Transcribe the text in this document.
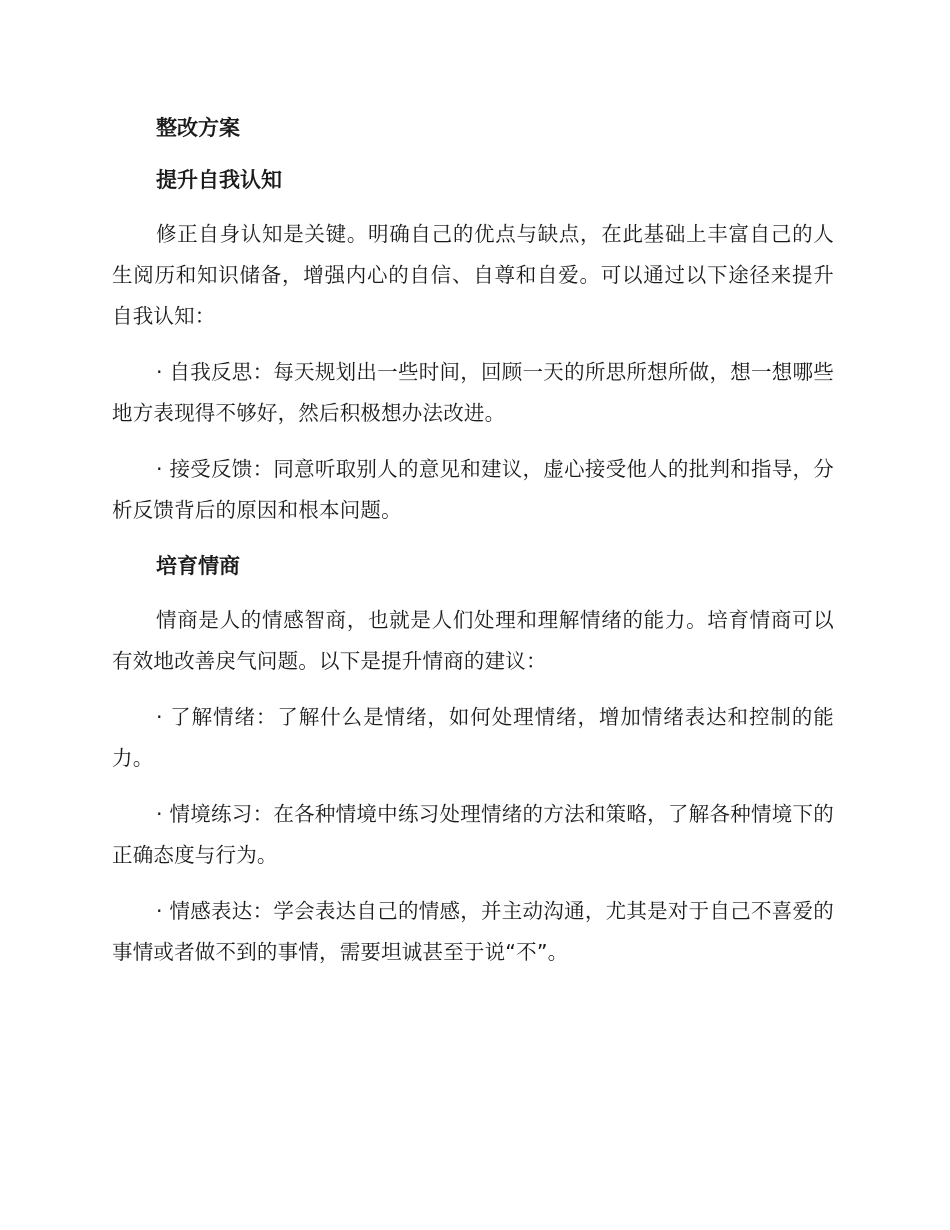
整改方案
提升自我认知

修正自身认知是关键。明确自己的优点与缺点，在此基础上丰富自己的人生阅历和知识储备，增强内心的自信、自尊和自爱。可以通过以下途径来提升自我认知：

· 自我反思：每天规划出一些时间，回顾一天的所思所想所做，想一想哪些地方表现得不够好，然后积极想办法改进。

· 接受反馈：同意听取别人的意见和建议，虚心接受他人的批判和指导，分析反馈背后的原因和根本问题。

培育情商

情商是人的情感智商，也就是人们处理和理解情绪的能力。培育情商可以有效地改善戾气问题。以下是提升情商的建议：

· 了解情绪：了解什么是情绪，如何处理情绪，增加情绪表达和控制的能力。

· 情境练习：在各种情境中练习处理情绪的方法和策略，了解各种情境下的正确态度与行为。

· 情感表达：学会表达自己的情感，并主动沟通，尤其是对于自己不喜爱的事情或者做不到的事情，需要坦诚甚至于说“不”。
